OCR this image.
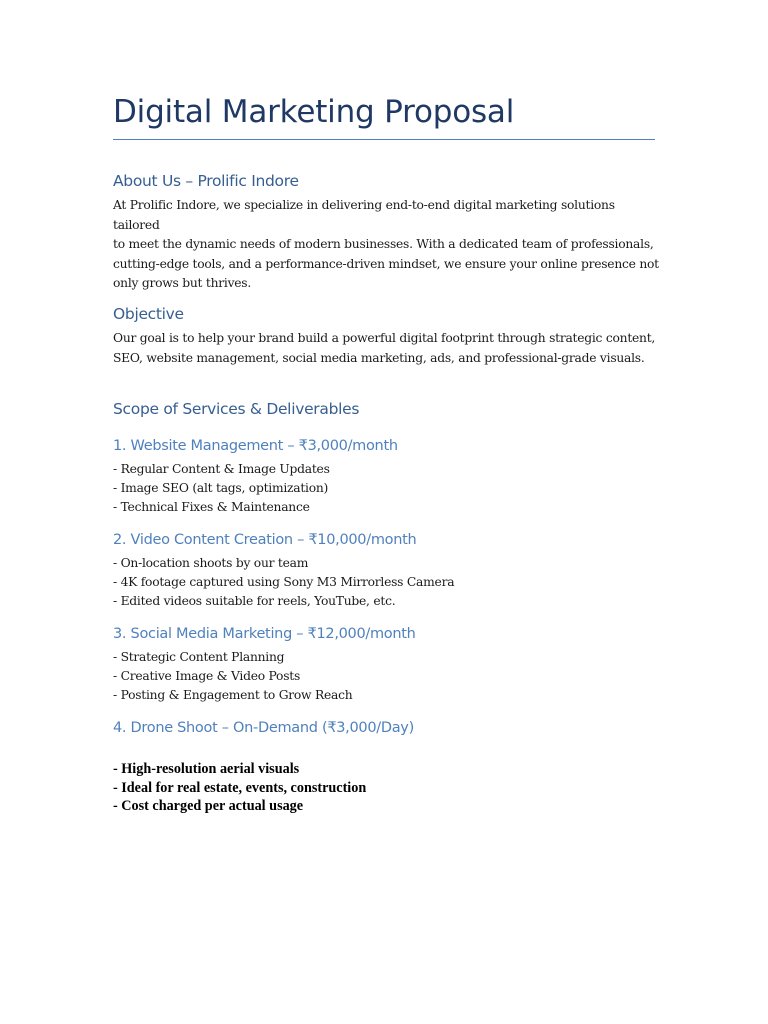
Digital Marketing Proposal
About Us – Prolific Indore
At Prolific Indore, we specialize in delivering end-to-end digital marketing solutions tailored
to meet the dynamic needs of modern businesses. With a dedicated team of professionals,
cutting-edge tools, and a performance-driven mindset, we ensure your online presence not
only grows but thrives.
Objective
Our goal is to help your brand build a powerful digital footprint through strategic content,
SEO, website management, social media marketing, ads, and professional-grade visuals.
Scope of Services & Deliverables
1. Website Management – ₹3,000/month
- Regular Content & Image Updates
- Image SEO (alt tags, optimization)
- Technical Fixes & Maintenance
2. Video Content Creation – ₹10,000/month
- On-location shoots by our team
- 4K footage captured using Sony M3 Mirrorless Camera
- Edited videos suitable for reels, YouTube, etc.
3. Social Media Marketing – ₹12,000/month
- Strategic Content Planning
- Creative Image & Video Posts
- Posting & Engagement to Grow Reach
4. Drone Shoot – On-Demand (₹3,000/Day)
- High-resolution aerial visuals
- Ideal for real estate, events, construction
- Cost charged per actual usage
